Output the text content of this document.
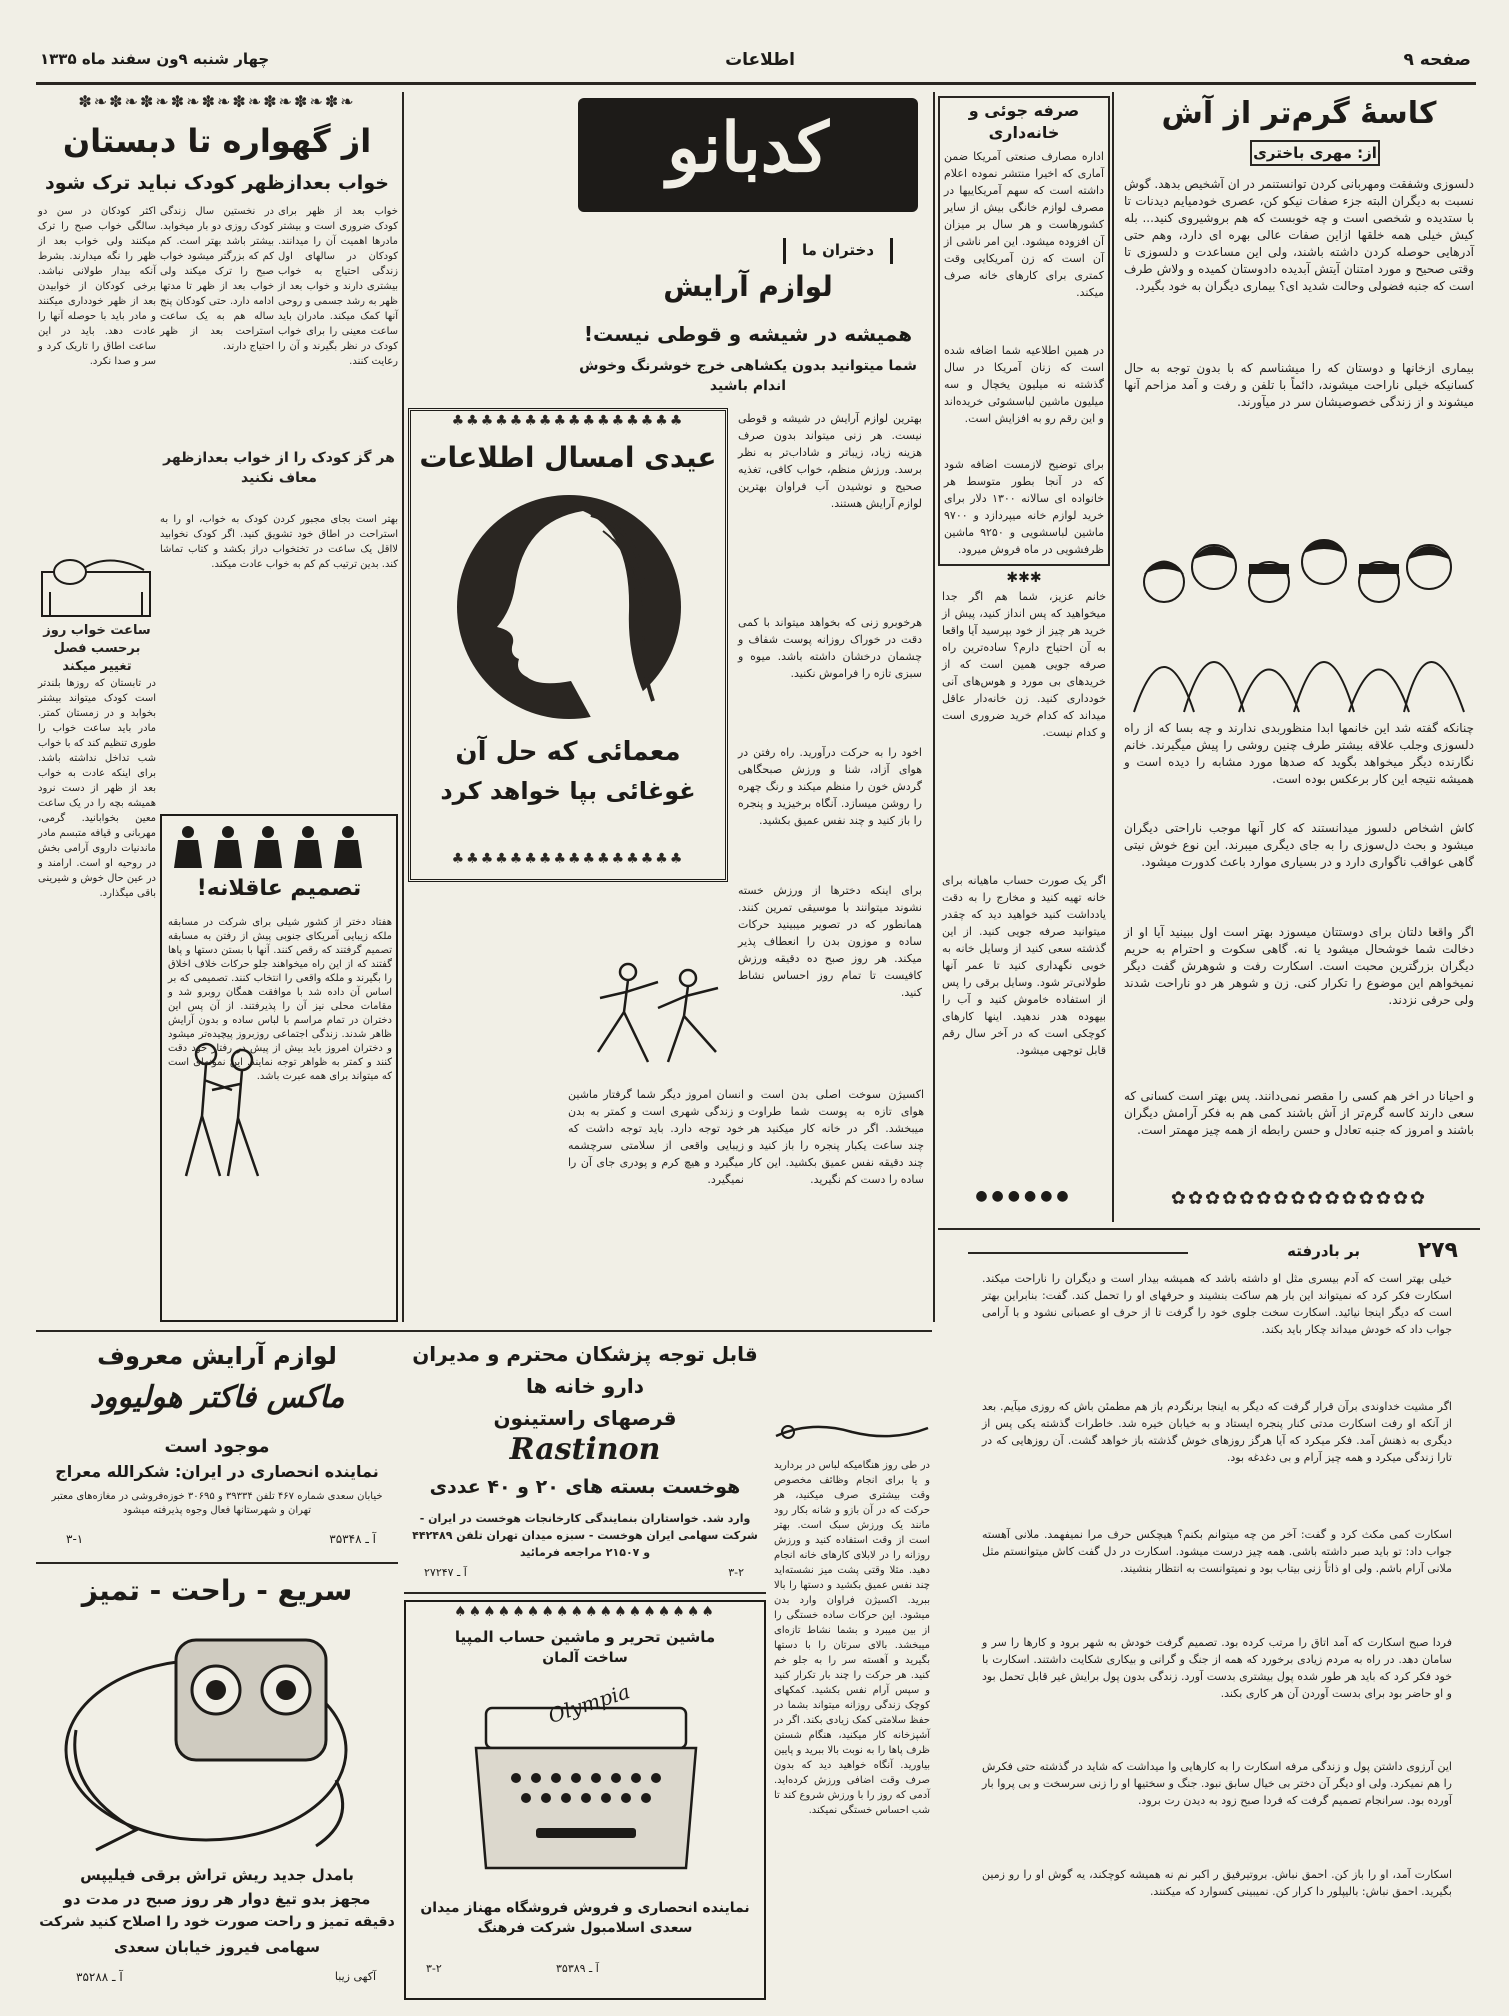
صفحه ۹
اطلاعات
چهار شنبه ۹ون سفند ماه ۱۳۳۵
کاسهٔ گرم‌تر از آش
از: مهری باختری
دلسوزی وشفقت ومهربانی کردن توانستنمر در ان آشخیص بدهد. گوش نسبت به دیگران البته جزء صفات نیکو کن، عصری خودمیایم دیدنات تا با ستدیده و شخصی است و چه خوبست که هم بروشیروی کنید... بله کیش خیلی همه خلقها ازاین صفات عالی بهره ای دارد، وهم حتی آدرهایی حوصله کردن داشته باشند، ولی این مساعدت و دلسوزی تا وقتی صحیح و مورد امتنان آیتش آبدیده دادوستان کمیده و ولاش طرف است که جنبه فضولی وحالت شدید ای؟ بیماری دیگران به خود بگیرد.
بیماری ازخانها و دوستان که را میشناسم که با بدون توجه به حال کسانیکه خیلی ناراحت میشوند، دائماً با تلفن و رفت و آمد مزاحم آنها میشوند و از زندگی خصوصیشان سر در میآورند.
چنانکه گفته شد این خانمها ابدا منظوربدی ندارند و چه بسا که از راه دلسوزی وجلب علاقه بیشتر طرف چنین روشی را پیش میگیرند. خانم نگارنده دیگر میخواهد بگوید که صدها مورد مشابه را دیده است و همیشه نتیجه این کار برعکس بوده است.
کاش اشخاص دلسوز میدانستند که کار آنها موجب ناراحتی دیگران میشود و بحث دل‌سوزی را به جای دیگری میبرند. این نوع خوش نیتی گاهی عواقب ناگواری دارد و در بسیاری موارد باعث کدورت میشود.
اگر واقعا دلتان برای دوستتان میسوزد بهتر است اول ببینید آیا او از دخالت شما خوشحال میشود یا نه. گاهی سکوت و احترام به حریم دیگران بزرگترین محبت است. اسکارت رفت و شوهرش گفت دیگر نمیخواهم این موضوع را تکرار کنی. زن و شوهر هر دو ناراحت شدند ولی حرفی نزدند.
و احیانا در اخر هم کسی را مقصر نمی‌دانند. پس بهتر است کسانی که سعی دارند کاسه گرم‌تر از آش باشند کمی هم به فکر آرامش دیگران باشند و امروز که جنبه تعادل و حسن رابطه از همه چیز مهمتر است.
✿✿✿✿✿✿✿✿✿✿✿✿✿✿✿
صرفه جوئی و خانه‌داری
اداره مصارف صنعتی آمریکا ضمن آماری که اخیرا منتشر نموده اعلام داشته است که سهم آمریکاییها در مصرف لوازم خانگی بیش از سایر کشورهاست و هر سال بر میزان آن افزوده میشود. این امر ناشی از آن است که زن آمریکایی وقت کمتری برای کارهای خانه صرف میکند.
در همین اطلاعیه شما اضافه شده است که زنان آمریکا در سال گذشته نه میلیون یخچال و سه میلیون ماشین لباسشوئی خریده‌اند و این رقم رو به افزایش است.
برای توضیح لازمست اضافه شود که در آنجا بطور متوسط هر خانواده ای سالانه ۱۳۰۰ دلار برای خرید لوازم خانه میپردازد و ۹۷۰۰ ماشین لباسشویی و ۹۲۵۰ ماشین ظرفشویی در ماه فروش میرود.
✱✱✱
خانم عزیز، شما هم اگر جدا میخواهید که پس انداز کنید، پیش از خرید هر چیز از خود بپرسید آیا واقعا به آن احتیاج دارم؟ ساده‌ترین راه صرفه جویی همین است که از خریدهای بی مورد و هوس‌های آنی خودداری کنید. زن خانه‌دار عاقل میداند که کدام خرید ضروری است و کدام نیست.
اگر یک صورت حساب ماهیانه برای خانه تهیه کنید و مخارج را به دقت یادداشت کنید خواهید دید که چقدر میتوانید صرفه جویی کنید. از این گذشته سعی کنید از وسایل خانه به خوبی نگهداری کنید تا عمر آنها طولانی‌تر شود. وسایل برقی را پس از استفاده خاموش کنید و آب را بیهوده هدر ندهید. اینها کارهای کوچکی است که در آخر سال رقم قابل توجهی میشود.
●●●●●●
کدبانو
دختران ما
لوازم آرایش
همیشه در شیشه و قوطی نیست!
شما میتوانید بدون یکشاهی خرج خوشرنگ وخوش اندام باشید
بهترین لوازم آرایش در شیشه و قوطی نیست. هر زنی میتواند بدون صرف هزینه زیاد، زیباتر و شاداب‌تر به نظر برسد. ورزش منظم، خواب کافی، تغذیه صحیح و نوشیدن آب فراوان بهترین لوازم آرایش هستند.
هرخوبرو زنی که بخواهد میتواند با کمی دقت در خوراک روزانه پوست شفاف و چشمان درخشان داشته باشد. میوه و سبزی تازه را فراموش نکنید.
♣♣♣♣♣♣♣♣♣♣♣♣♣♣♣♣
عیدی امسال اطلاعات
معمائی که حل آن
غوغائی بپا خواهد کرد
♣♣♣♣♣♣♣♣♣♣♣♣♣♣♣♣
اخود را به حرکت درآورید. راه رفتن در هوای آزاد، شنا و ورزش صبحگاهی گردش خون را منظم میکند و رنگ چهره را روشن میسازد. آنگاه برخیزید و پنجره را باز کنید و چند نفس عمیق بکشید.
برای اینکه دخترها از ورزش خسته نشوند میتوانند با موسیقی تمرین کنند. همانطور که در تصویر میبینید حرکات ساده و موزون بدن را انعطاف پذیر میکند. هر روز صبح ده دقیقه ورزش کافیست تا تمام روز احساس نشاط کنید.
انسان امروز دیگر شما گرفتار ماشین و زندگی شهری است و کمتر به بدن خود توجه دارد. باید توجه داشت که زیبایی واقعی از سلامتی سرچشمه میگیرد و هیچ کرم و پودری جای آن را نمیگیرد.
اکسیژن سوخت اصلی بدن است و هوای تازه به پوست شما طراوت میبخشد. اگر در خانه کار میکنید هر چند ساعت یکبار پنجره را باز کنید و چند دقیقه نفس عمیق بکشید. این کار ساده را دست کم نگیرید.
✽❧✽❧✽❧✽❧✽❧✽❧✽❧✽❧✽❧
از گهواره تا دبستان
خواب بعدازظهر کودک نباید ترک شود
خواب بعد از ظهر برای کودک ضروری است و بیشتر مادرها اهمیت آن را میدانند. کودکان در سالهای اول زندگی احتیاج به خواب بیشتری دارند و خواب بعد از ظهر به رشد جسمی و روحی آنها کمک میکند. مادران باید ساعت معینی را برای خواب کودک در نظر بگیرند و آن را رعایت کنند.
در نخستین سال زندگی کودک روزی دو بار میخوابد. بیشتر باشد بهتر است. کم کم که بزرگتر میشود خواب صبح را ترک میکند ولی خواب بعد از ظهر تا مدتها ادامه دارد. حتی کودکان پنج ساله هم به یک ساعت استراحت بعد از ظهر احتیاج دارند.
اکثر کودکان در سن دو سالگی خواب صبح را ترک میکنند ولی خواب بعد از ظهر را نگه میدارند. بشرط آنکه بیدار طولانی نباشد. برخی کودکان از خوابیدن بعد از ظهر خودداری میکنند و مادر باید با حوصله آنها را عادت دهد. باید در این ساعت اطاق را تاریک کرد و سر و صدا نکرد.
هر گز کودک را از خواب بعدازظهر معاف نکنید
بهتر است بجای مجبور کردن کودک به خواب، او را به استراحت در اطاق خود تشویق کنید. اگر کودک نخوابید لااقل یک ساعت در تختخواب دراز بکشد و کتاب تماشا کند. بدین ترتیب کم کم به خواب عادت میکند.
ساعت خواب روز برحسب فصل تغییر میکند
در تابستان که روزها بلندتر است کودک میتواند بیشتر بخوابد و در زمستان کمتر. مادر باید ساعت خواب را طوری تنظیم کند که با خواب شب تداخل نداشته باشد. برای اینکه عادت به خواب بعد از ظهر از دست نرود همیشه بچه را در یک ساعت معین بخوابانید. گرمی، مهربانی و قیافه متبسم مادر ماندنیات داروی آرامی بخش در روحیه او است. ارامند و در عین حال خوش و شیرینی باقی میگذارد.	تصمیم عاقلانه!
هفتاد دختر از کشور شیلی برای شرکت در مسابقه ملکه زیبایی آمریکای جنوبی پیش از رفتن به مسابقه تصمیم گرفتند که رقص کنند. آنها با بستن دستها و پاها گفتند که از این راه میخواهند جلو حرکات خلاف اخلاق را بگیرند و ملکه واقعی را انتخاب کنند. تصمیمی که بر اساس آن داده شد با موافقت همگان روبرو شد و مقامات محلی نیز آن را پذیرفتند. از آن پس این دختران در تمام مراسم با لباس ساده و بدون آرایش ظاهر شدند. زندگی اجتماعی روزبروز پیچیده‌تر میشود و دختران امروز باید بیش از پیش در رفتار خود دقت کنند و کمتر به ظواهر توجه نمایند. این نمونه‌ای است که میتواند برای همه عبرت باشد.
۲۷۹
بر بادرفته
خیلی بهتر است که آدم بیسری مثل او داشته باشد که همیشه بیدار است و دیگران را ناراحت میکند. اسکارت فکر کرد که نمیتواند این بار هم ساکت بنشیند و حرفهای او را تحمل کند. گفت: بنابراین بهتر است که دیگر اینجا نیائید. اسکارت سخت جلوی خود را گرفت تا از حرف او عصبانی نشود و با آرامی جواب داد که خودش میداند چکار باید بکند.
اگر مشیت خداوندی برآن قرار گرفت که دیگر به اینجا برنگردم باز هم مطمئن باش که روزی میآیم. بعد از آنکه او رفت اسکارت مدتی کنار پنجره ایستاد و به خیابان خیره شد. خاطرات گذشته یکی پس از دیگری به ذهنش آمد. فکر میکرد که آیا هرگز روزهای خوش گذشته باز خواهد گشت. آن روزهایی که در تارا زندگی میکرد و همه چیز آرام و بی دغدغه بود.
اسکارت کمی مکث کرد و گفت: آخر من چه میتوانم بکنم؟ هیچکس حرف مرا نمیفهمد. ملانی آهسته جواب داد: تو باید صبر داشته باشی. همه چیز درست میشود. اسکارت در دل گفت کاش میتوانستم مثل ملانی آرام باشم. ولی او ذاتاً زنی بیتاب بود و نمیتوانست به انتظار بنشیند.
فردا صبح اسکارت که آمد اتاق را مرتب کرده بود. تصمیم گرفت خودش به شهر برود و کارها را سر و سامان دهد. در راه به مردم زیادی برخورد که همه از جنگ و گرانی و بیکاری شکایت داشتند. اسکارت با خود فکر کرد که باید هر طور شده پول بیشتری بدست آورد. زندگی بدون پول برایش غیر قابل تحمل بود و او حاضر بود برای بدست آوردن آن هر کاری بکند.
این آرزوی داشتن پول و زندگی مرفه اسکارت را به کارهایی وا میداشت که شاید در گذشته حتی فکرش را هم نمیکرد. ولی او دیگر آن دختر بی خیال سابق نبود. جنگ و سختیها او را زنی سرسخت و بی پروا بار آورده بود. سرانجام تصمیم گرفت که فردا صبح زود به دیدن رت برود.
اسکارت آمد، او را باز کن. احمق نباش. بروتیرفیق ر اکبر نم نه همیشه کوچکند، یه گوش او را رو زمین بگیرید. احمق نباش: بالیپلور دا کرار کن. نمیبینی کسوارد که میکنند.
لوازم آرایش معروف
ماکس فاکتر هولیوود
موجود است
نماینده انحصاری در ایران: شکرالله معراج
خیابان سعدی شماره ۴۶۷ تلفن ۳۹۳۳۴ و ۳۰۶۹۵ خوزه‌فروشی در مغازه‌های معتبر تهران و شهرستانها فعال وجوه پذیرفته میشود
آ ـ ۳۵۳۴۸
۳-۱
سریع - راحت - تمیز
بامدل جدید ریش تراش برقی فیلیپس
مجهز بدو تیغ دوار هر روز صبح در مدت دو
دقیقه تمیز و راحت صورت خود را اصلاح کنید شرکت
سهامی فیروز خیابان سعدی
آ ـ ۳۵۲۸۸	آکهی زیبا
قابل توجه پزشکان محترم و مدیران
دارو خانه ها
قرصهای راستینون
Rastinon
هوخست بسته های ۲۰ و ۴۰ عددی
وارد شد. خواستاران بنمایندگی کارخانجات هوخست در ایران - شرکت سهامی ایران هوخست - سبزه میدان تهران تلفن ۴۴۲۴۸۹ و ۲۱۵۰۷ مراجعه فرمائید
آ ـ ۲۷۲۴۷	۳-۲
♠♠♠♠♠♠♠♠♠♠♠♠♠♠♠♠♠♠
ماشین تحریر و ماشین حساب المپیا
ساخت آلمان
Olympia
نماینده انحصاری و فروش فروشگاه مهناز میدان سعدی اسلامبول شرکت فرهنگ
آ ـ ۳۵۳۸۹
۳-۲
در طی روز هنگامیکه لباس در بردارید و یا برای انجام وظائف مخصوص وقت بیشتری صرف میکنید، هر حرکت که در آن بازو و شانه بکار رود مانند یک ورزش سبک است. بهتر است از وقت استفاده کنید و ورزش روزانه را در لابلای کارهای خانه انجام دهید. مثلا وقتی پشت میز نشسته‌اید چند نفس عمیق بکشید و دستها را بالا ببرید. اکسیژن فراوان وارد بدن میشود. این حرکات ساده خستگی را از بین میبرد و بشما نشاط تازه‌ای میبخشد. بالای سرتان را با دستها بگیرید و آهسته سر را به جلو خم کنید. هر حرکت را چند بار تکرار کنید و سپس آرام نفس بکشید. کمکهای کوچک زندگی روزانه میتواند بشما در حفظ سلامتی کمک زیادی بکند. اگر در آشپزخانه کار میکنید، هنگام شستن ظرف پاها را به نوبت بالا ببرید و پایین بیاورید. آنگاه خواهید دید که بدون صرف وقت اضافی ورزش کرده‌اید. آدمی که روز را با ورزش شروع کند تا شب احساس خستگی نمیکند.
